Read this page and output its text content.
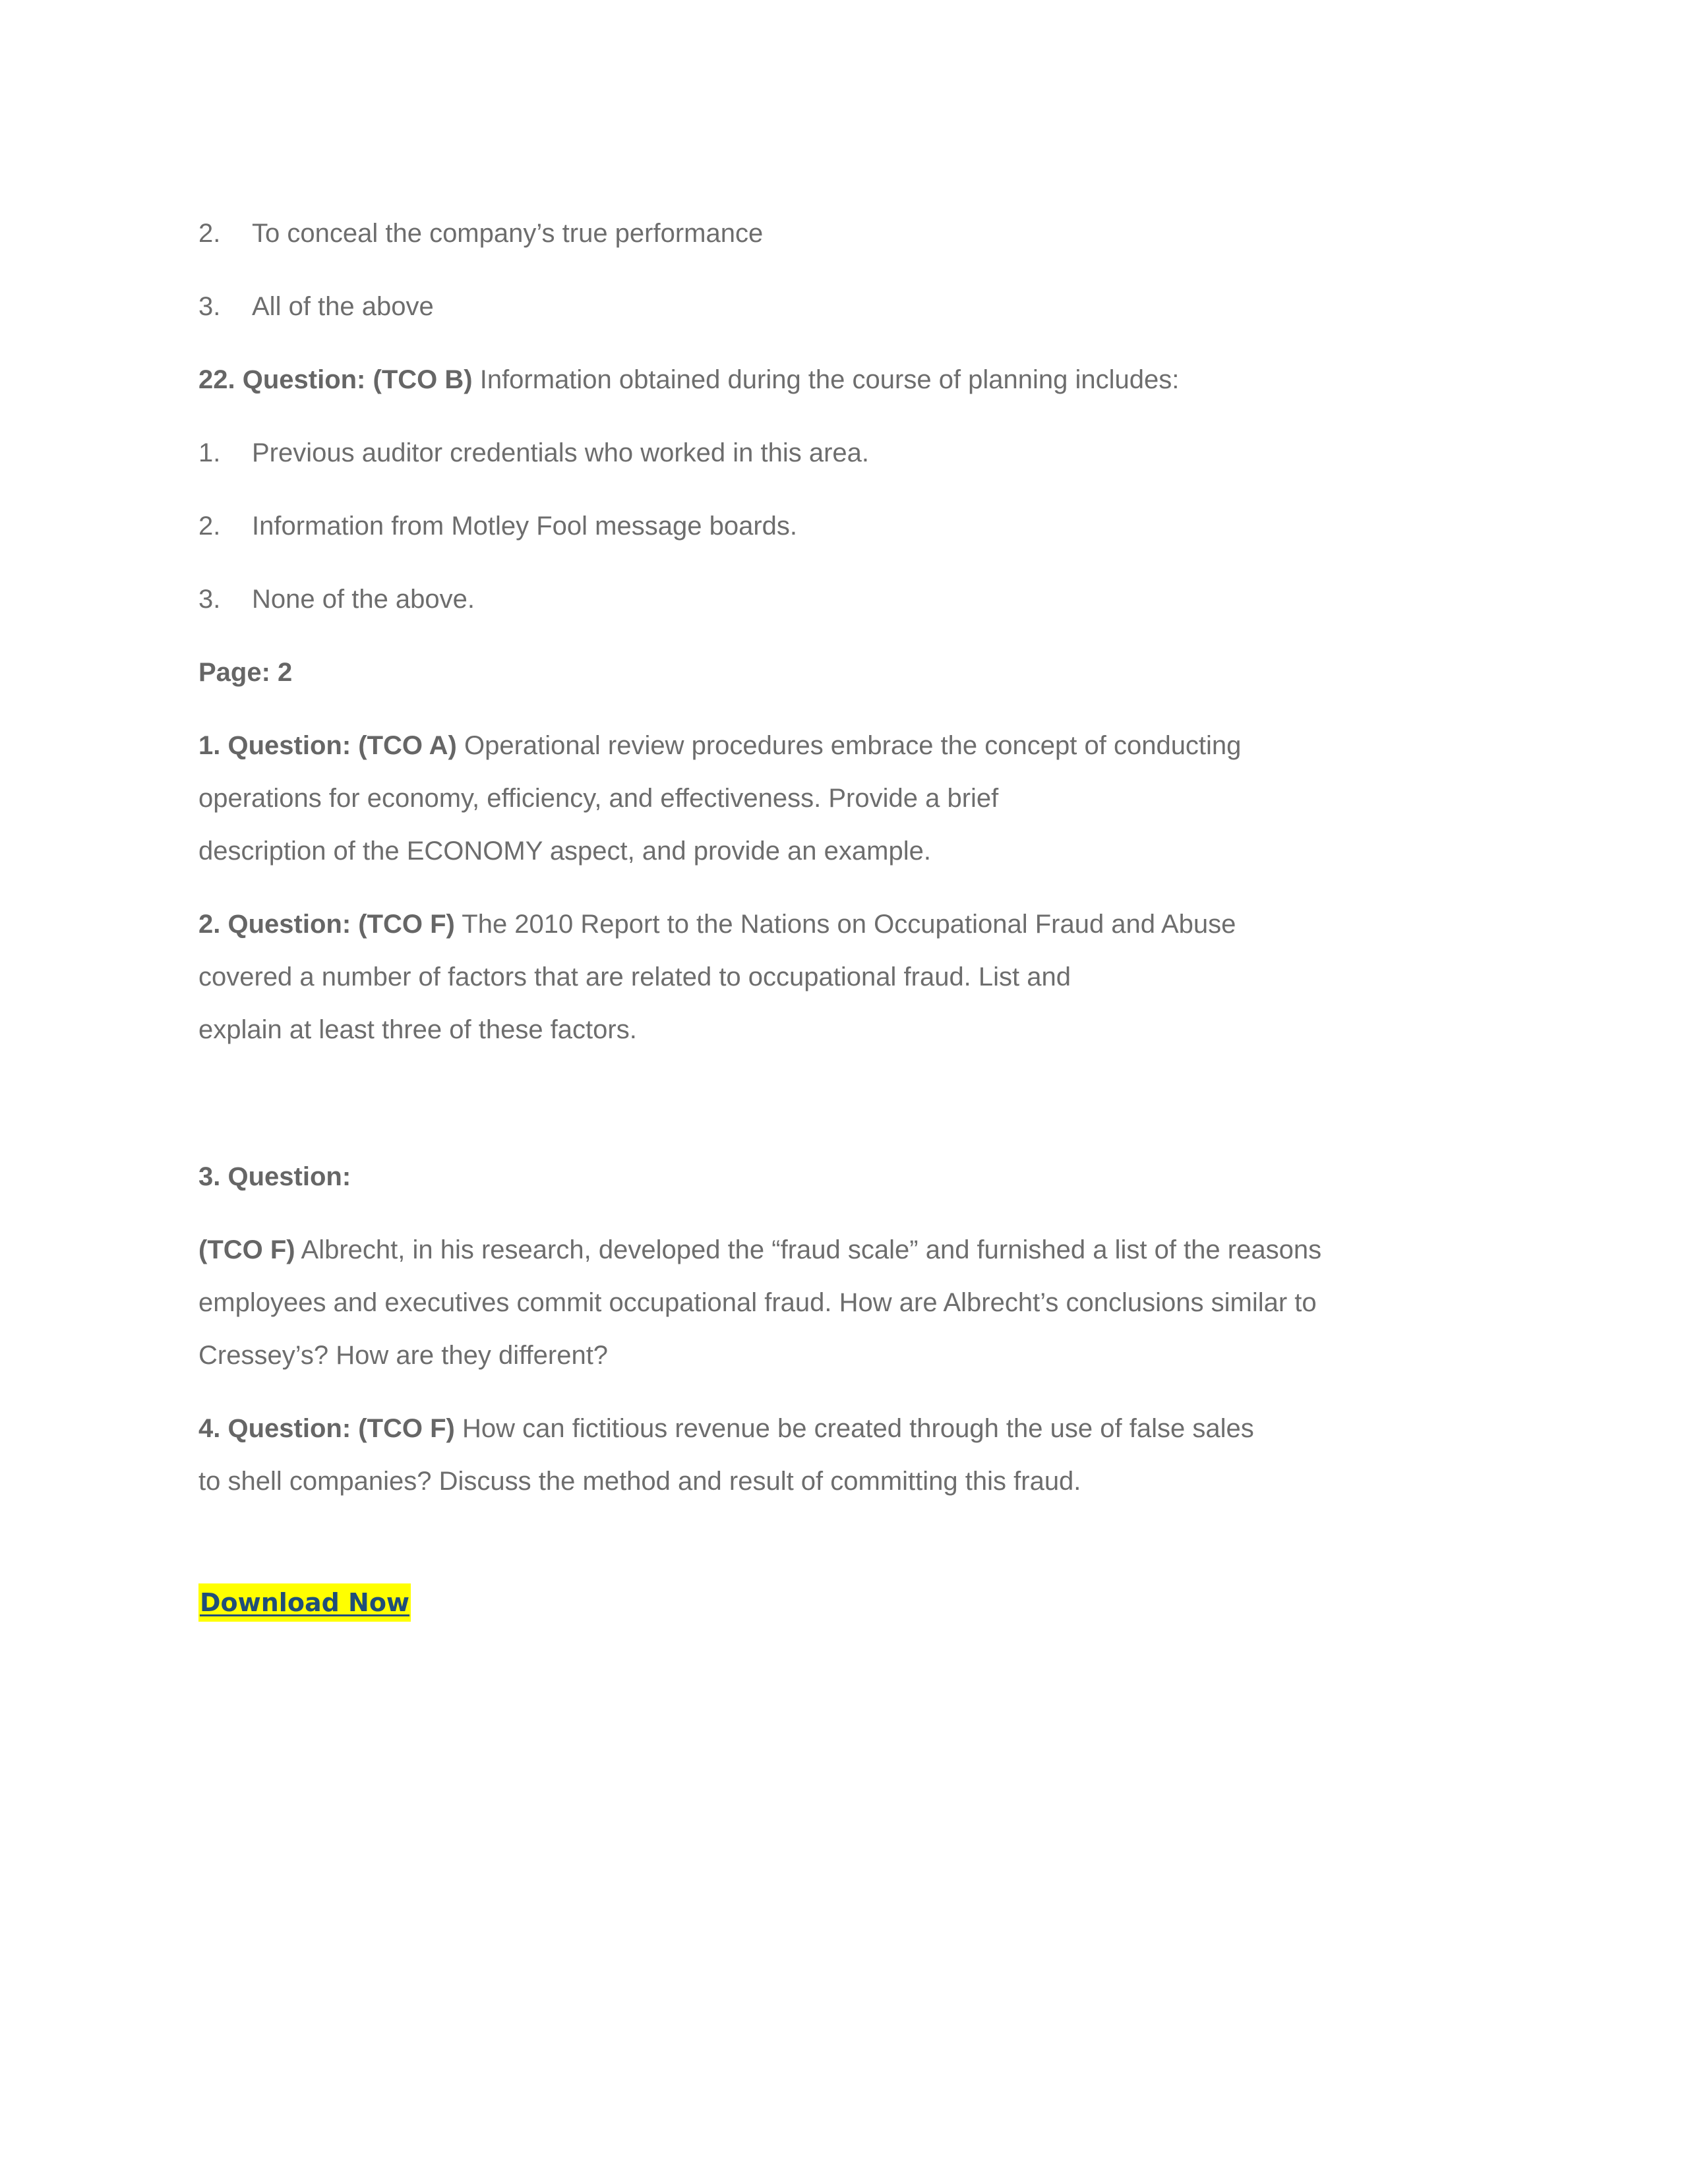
2. To conceal the company’s true performance
3. All of the above
22. Question: (TCO B) Information obtained during the course of planning includes:
1. Previous auditor credentials who worked in this area.
2. Information from Motley Fool message boards.
3. None of the above.
Page: 2
1. Question: (TCO A) Operational review procedures embrace the concept of conducting
operations for economy, efficiency, and effectiveness. Provide a brief
description of the ECONOMY aspect, and provide an example.
2. Question: (TCO F) The 2010 Report to the Nations on Occupational Fraud and Abuse
covered a number of factors that are related to occupational fraud. List and
explain at least three of these factors.
3. Question:
(TCO F) Albrecht, in his research, developed the “fraud scale” and furnished a list of the reasons
employees and executives commit occupational fraud. How are Albrecht’s conclusions similar to
Cressey’s? How are they different?
4. Question: (TCO F) How can fictitious revenue be created through the use of false sales
to shell companies? Discuss the method and result of committing this fraud.
Download Now
